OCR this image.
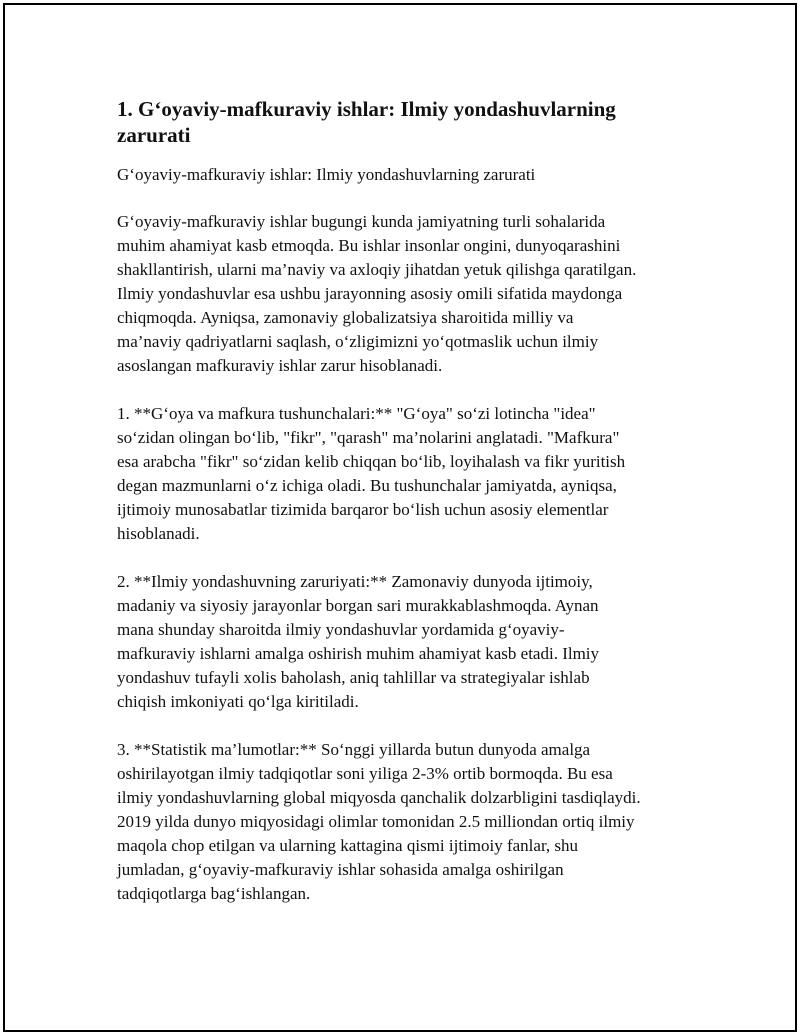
1. G‘oyaviy-mafkuraviy ishlar: Ilmiy yondashuvlarning
zarurati

G‘oyaviy-mafkuraviy ishlar: Ilmiy yondashuvlarning zarurati

G‘oyaviy-mafkuraviy ishlar bugungi kunda jamiyatning turli sohalarida
muhim ahamiyat kasb etmoqda. Bu ishlar insonlar ongini, dunyoqarashini
shakllantirish, ularni ma’naviy va axloqiy jihatdan yetuk qilishga qaratilgan.
Ilmiy yondashuvlar esa ushbu jarayonning asosiy omili sifatida maydonga
chiqmoqda. Ayniqsa, zamonaviy globalizatsiya sharoitida milliy va
ma’naviy qadriyatlarni saqlash, o‘zligimizni yo‘qotmaslik uchun ilmiy
asoslangan mafkuraviy ishlar zarur hisoblanadi.

1. **G‘oya va mafkura tushunchalari:** "G‘oya" so‘zi lotincha "idea"
so‘zidan olingan bo‘lib, "fikr", "qarash" ma’nolarini anglatadi. "Mafkura"
esa arabcha "fikr" so‘zidan kelib chiqqan bo‘lib, loyihalash va fikr yuritish
degan mazmunlarni o‘z ichiga oladi. Bu tushunchalar jamiyatda, ayniqsa,
ijtimoiy munosabatlar tizimida barqaror bo‘lish uchun asosiy elementlar
hisoblanadi.

2. **Ilmiy yondashuvning zaruriyati:** Zamonaviy dunyoda ijtimoiy,
madaniy va siyosiy jarayonlar borgan sari murakkablashmoqda. Aynan
mana shunday sharoitda ilmiy yondashuvlar yordamida g‘oyaviy-
mafkuraviy ishlarni amalga oshirish muhim ahamiyat kasb etadi. Ilmiy
yondashuv tufayli xolis baholash, aniq tahlillar va strategiyalar ishlab
chiqish imkoniyati qo‘lga kiritiladi.

3. **Statistik ma’lumotlar:** So‘nggi yillarda butun dunyoda amalga
oshirilayotgan ilmiy tadqiqotlar soni yiliga 2-3% ortib bormoqda. Bu esa
ilmiy yondashuvlarning global miqyosda qanchalik dolzarbligini tasdiqlaydi.
2019 yilda dunyo miqyosidagi olimlar tomonidan 2.5 milliondan ortiq ilmiy
maqola chop etilgan va ularning kattagina qismi ijtimoiy fanlar, shu
jumladan, g‘oyaviy-mafkuraviy ishlar sohasida amalga oshirilgan
tadqiqotlarga bag‘ishlangan.
